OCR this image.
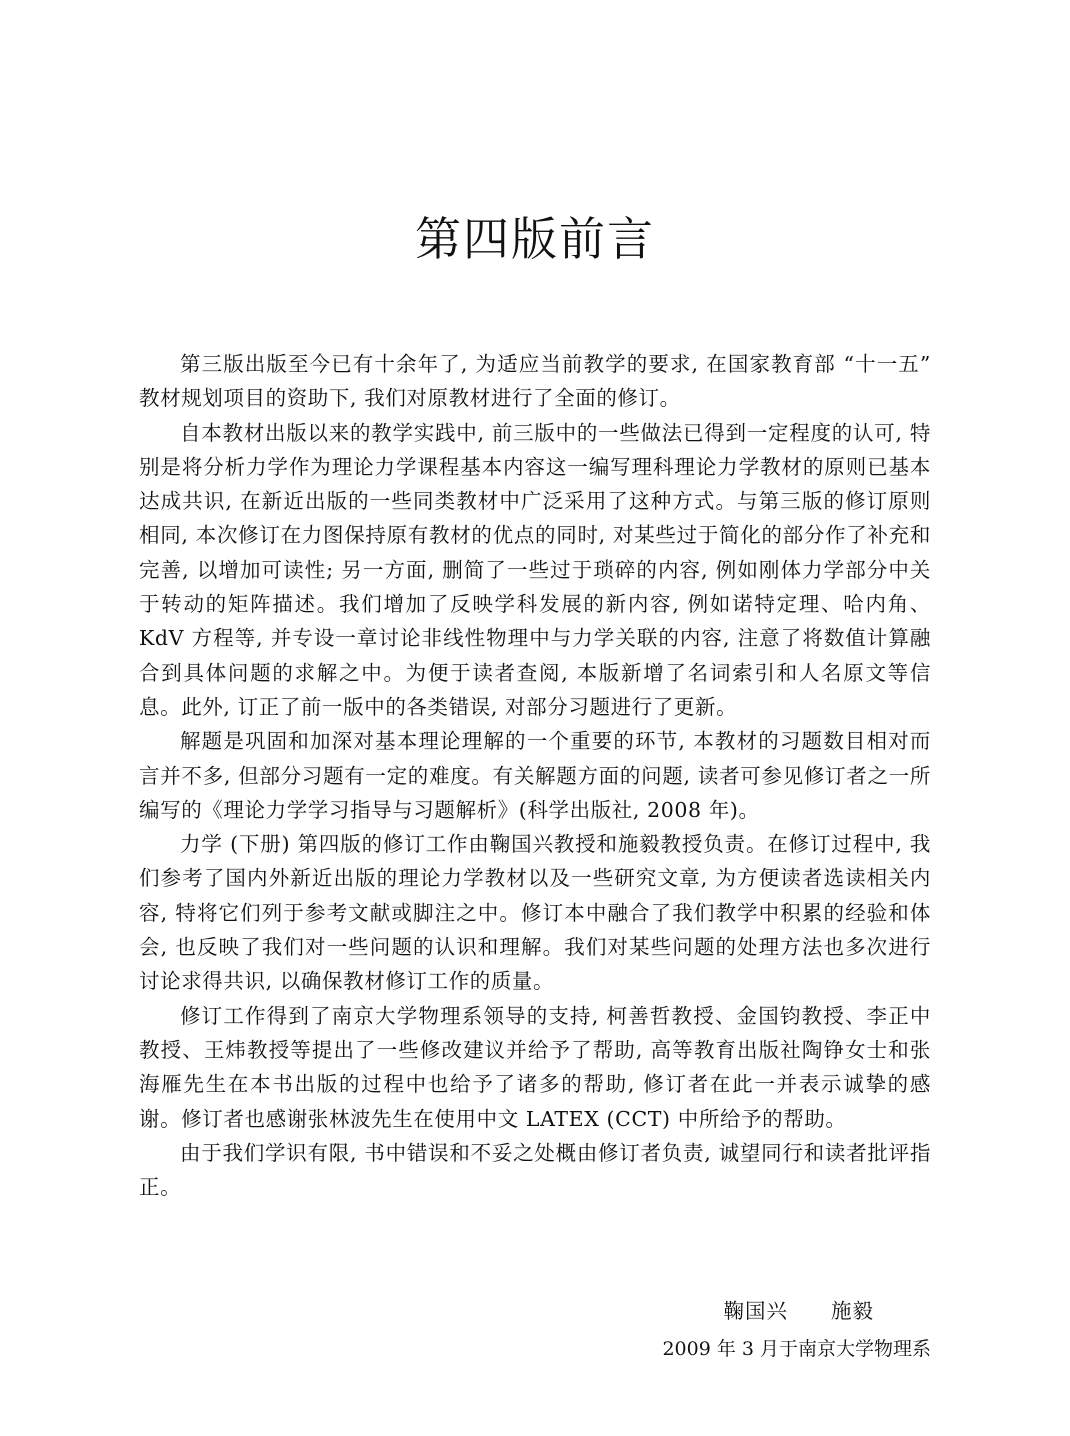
第四版前言

第三版出版至今已有十余年了, 为适应当前教学的要求, 在国家教育部 “十一五” 教材规划项目的资助下, 我们对原教材进行了全面的修订。

自本教材出版以来的教学实践中, 前三版中的一些做法已得到一定程度的认可, 特别是将分析力学作为理论力学课程基本内容这一编写理科理论力学教材的原则已基本达成共识, 在新近出版的一些同类教材中广泛采用了这种方式。与第三版的修订原则相同, 本次修订在力图保持原有教材的优点的同时, 对某些过于简化的部分作了补充和完善, 以增加可读性; 另一方面, 删简了一些过于琐碎的内容, 例如刚体力学部分中关于转动的矩阵描述。我们增加了反映学科发展的新内容, 例如诺特定理、哈内角、KdV 方程等, 并专设一章讨论非线性物理中与力学关联的内容, 注意了将数值计算融合到具体问题的求解之中。为便于读者查阅, 本版新增了名词索引和人名原文等信息。此外, 订正了前一版中的各类错误, 对部分习题进行了更新。

解题是巩固和加深对基本理论理解的一个重要的环节, 本教材的习题数目相对而言并不多, 但部分习题有一定的难度。有关解题方面的问题, 读者可参见修订者之一所编写的《理论力学学习指导与习题解析》(科学出版社, 2008 年)。

力学 (下册) 第四版的修订工作由鞠国兴教授和施毅教授负责。在修订过程中, 我们参考了国内外新近出版的理论力学教材以及一些研究文章, 为方便读者选读相关内容, 特将它们列于参考文献或脚注之中。修订本中融合了我们教学中积累的经验和体会, 也反映了我们对一些问题的认识和理解。我们对某些问题的处理方法也多次进行讨论求得共识, 以确保教材修订工作的质量。

修订工作得到了南京大学物理系领导的支持, 柯善哲教授、金国钧教授、李正中教授、王炜教授等提出了一些修改建议并给予了帮助, 高等教育出版社陶铮女士和张海雁先生在本书出版的过程中也给予了诸多的帮助, 修订者在此一并表示诚挚的感谢。修订者也感谢张林波先生在使用中文 LATEX (CCT) 中所给予的帮助。

由于我们学识有限, 书中错误和不妥之处概由修订者负责, 诚望同行和读者批评指正。

鞠国兴  施毅
2009 年 3 月于南京大学物理系
